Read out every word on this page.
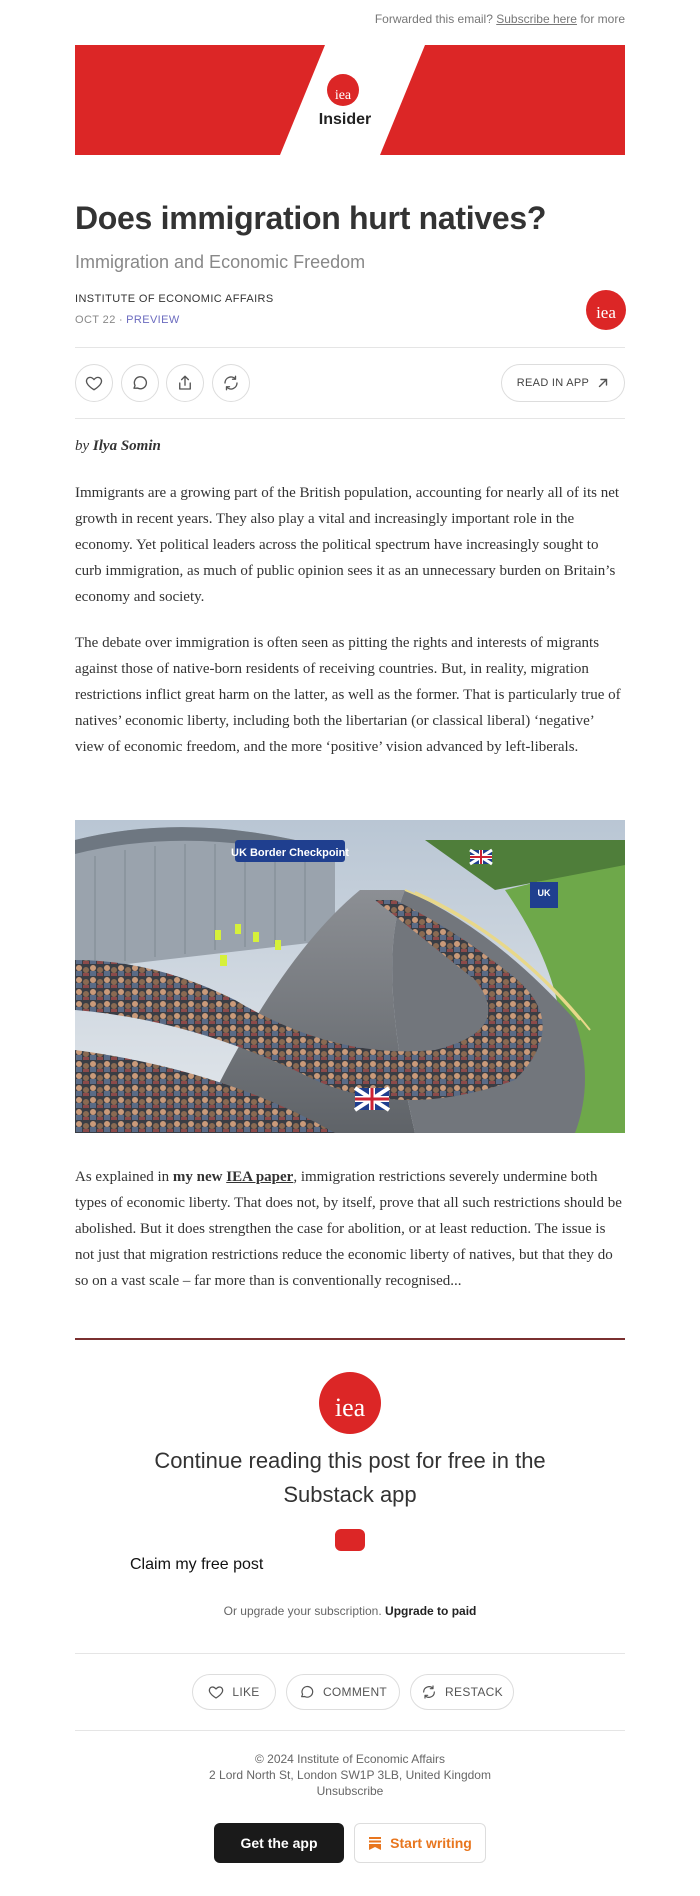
Forwarded this email? Subscribe here for more
iea
Insider
Does immigration hurt natives?
Immigration and Economic Freedom
INSTITUTE OF ECONOMIC AFFAIRS
OCT 22 ∙ PREVIEW	iea
READ IN APP
by Ilya Somin

Immigrants are a growing part of the British population, accounting for nearly all of its net growth in recent years. They also play a vital and increasingly important role in the economy. Yet political leaders across the political spectrum have increasingly sought to curb immigration, as much of public opinion sees it as an unnecessary burden on Britain’s economy and society.

The debate over immigration is often seen as pitting the rights and interests of migrants against those of native-born residents of receiving countries. But, in reality, migration restrictions inflict great harm on the latter, as well as the former. That is particularly true of natives’ economic liberty, including both the libertarian (or classical liberal) ‘negative’ view of economic freedom, and the more ‘positive’ vision advanced by left-liberals.

UK Border Checkpoint
UK

As explained in my new IEA paper, immigration restrictions severely undermine both types of economic liberty. That does not, by itself, prove that all such restrictions should be abolished. But it does strengthen the case for abolition, or at least reduction. The issue is not just that migration restrictions reduce the economic liberty of natives, but that they do so on a vast scale – far more than is conventionally recognised...

iea
Continue reading this post for free in the Substack app
Claim my free post
Or upgrade your subscription. Upgrade to paid
LIKE	COMMENT	RESTACK
© 2024 Institute of Economic Affairs
2 Lord North St, London SW1P 3LB, United Kingdom
Unsubscribe
Get the app	Start writing
